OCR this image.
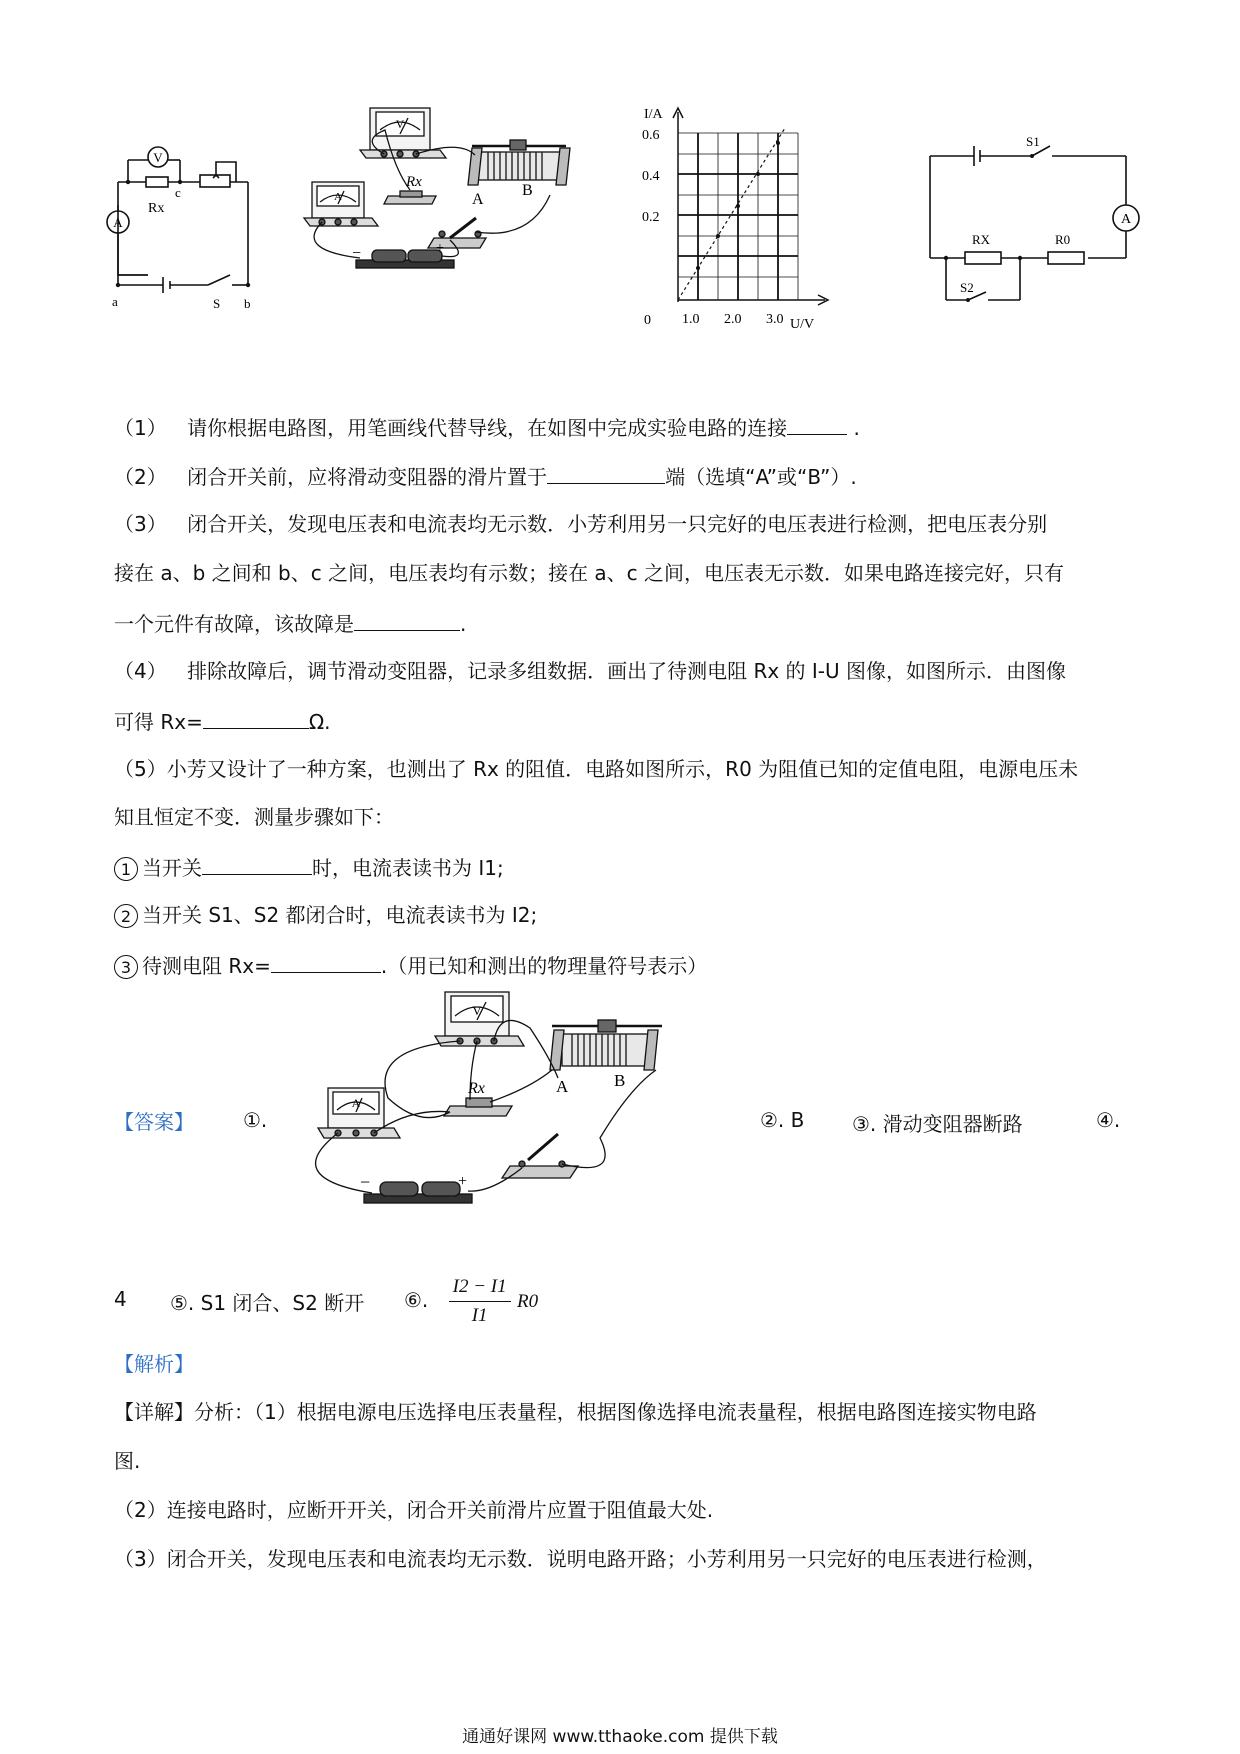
V
A
Rx
c
a	S b
V
A
Rx
A
B
−	+
I/A
0.6
0.4
0.2
0 1.0 2.0 3.0 U/V
S1
A
RX	R0
S2
（1） 请你根据电路图，用笔画线代替导线，在如图中完成实验电路的连接	.
（2） 闭合开关前，应将滑动变阻器的滑片置于	端（选填“A”或“B”）.
（3） 闭合开关，发现电压表和电流表均无示数．小芳利用另一只完好的电压表进行检测，把电压表分别
接在 a、b 之间和 b、c 之间，电压表均有示数；接在 a、c 之间，电压表无示数．如果电路连接完好，只有
一个元件有故障，该故障是	.
（4） 排除故障后，调节滑动变阻器，记录多组数据．画出了待测电阻 Rx 的 I-U 图像，如图所示．由图像
可得 Rx=	Ω.
（5）小芳又设计了一种方案，也测出了 Rx 的阻值．电路如图所示，R0 为阻值已知的定值电阻，电源电压未
知且恒定不变．测量步骤如下：
1 当开关	时，电流表读书为 I1;
2 当开关 S1、S2 都闭合时，电流表读书为 I2;
3 待测电阻 Rx=	.（用已知和测出的物理量符号表示）
【答案】 ①.
V
A
Rx	A	B
−	+
②. B ③. 滑动变阻器断路	④.
4 ⑤. S1 闭合、S2 断开 ⑥. $\frac{I2 - I1}{I1} R0$
【解析】
【详解】分析：（1）根据电源电压选择电压表量程，根据图像选择电流表量程，根据电路图连接实物电路
图.
（2）连接电路时，应断开开关，闭合开关前滑片应置于阻值最大处.
（3）闭合开关，发现电压表和电流表均无示数．说明电路开路；小芳利用另一只完好的电压表进行检测，
通通好课网 www.tthaoke.com 提供下载
